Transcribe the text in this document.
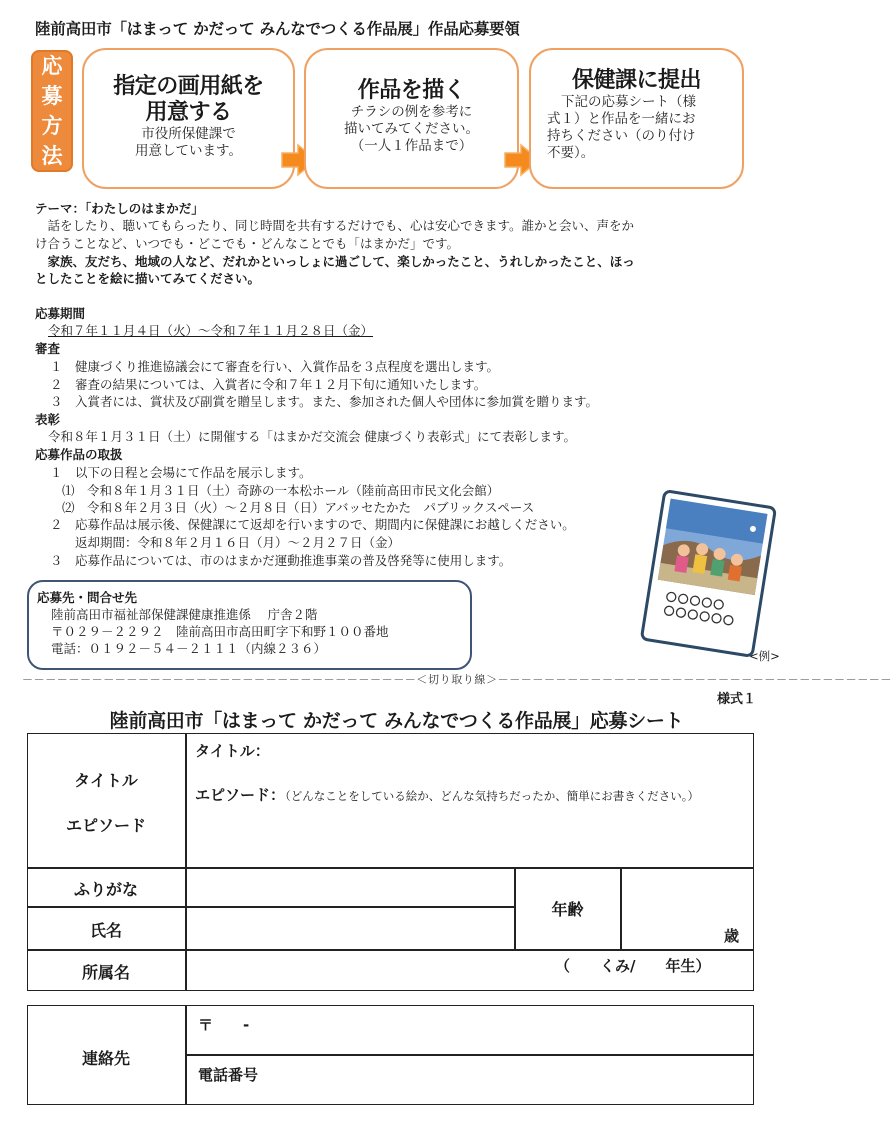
陸前高田市「はまって かだって みんなでつくる作品展」作品応募要領
応募方法
指定の画用紙を
用意する
市役所保健課で
用意しています。
作品を描く
チラシの例を参考に
描いてみてください。
（一人１作品まで）
保健課に提出
下記の応募シート（様
式１）と作品を一緒にお
持ちください（のり付け
不要）。
テーマ：「わたしのはまかだ」
　話をしたり、聴いてもらったり、同じ時間を共有するだけでも、心は安心できます。誰かと会い、声をか
け合うことなど、いつでも・どこでも・どんなことでも「はまかだ」です。
　家族、友だち、地域の人など、だれかといっしょに過ごして、楽しかったこと、うれしかったこと、ほっ
としたことを絵に描いてみてください。
応募期間
令和７年１１月４日（火）～令和７年１１月２８日（金）
審査
１　健康づくり推進協議会にて審査を行い、入賞作品を３点程度を選出します。
２　審査の結果については、入賞者に令和７年１２月下旬に通知いたします。
３　入賞者には、賞状及び副賞を贈呈します。また、参加された個人や団体に参加賞を贈ります。
表彰
令和８年１月３１日（土）に開催する「はまかだ交流会 健康づくり表彰式」にて表彰します。
応募作品の取扱
１　以下の日程と会場にて作品を展示します。
⑴　令和８年１月３１日（土）奇跡の一本松ホール（陸前高田市民文化会館）
⑵　令和８年２月３日（火）～２月８日（日）アバッセたかた　パブリックスペース
２　応募作品は展示後、保健課にて返却を行いますので、期間内に保健課にお越しください。
　　返却期間：令和８年２月１６日（月）～２月２７日（金）
３　応募作品については、市のはまかだ運動推進事業の普及啓発等に使用します。
応募先・問合せ先
陸前高田市福祉部保健課健康推進係　 庁舎２階
〒０２９－２２９２　陸前高田市高田町字下和野１００番地
電話：０１９２－５４－２１１１（内線２３６）	<例>
－－－－－－－－－－－－－－－－－－－－－－－－－－－－－－－－－－＜切り取り線＞－－－－－－－－－－－－－－－－－－－－－－－－－－－－－－－－－－
様式１
陸前高田市「はまって かだって みんなでつくる作品展」応募シート
タイトル
エピソード
タイトル：
エピソード：（どんなことをしている絵か、どんな気持ちだったか、簡単にお書きください。）
ふりがな
氏名
年齢
歳
所属名	（　　くみ/　　年生）
連絡先
〒　　-
電話番号
